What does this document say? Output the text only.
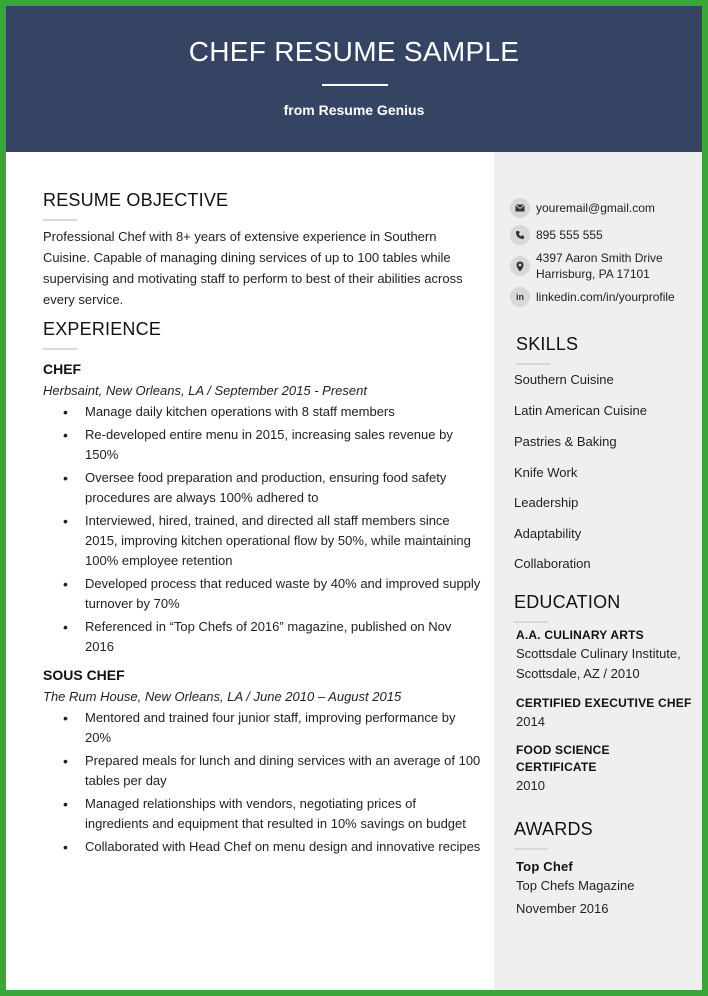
CHEF RESUME SAMPLE
from Resume Genius
RESUME OBJECTIVE
Professional Chef with 8+ years of extensive experience in Southern Cuisine. Capable of managing dining services of up to 100 tables while supervising and motivating staff to perform to best of their abilities across every service.
EXPERIENCE
CHEF
Herbsaint, New Orleans, LA / September 2015 - Present
• Manage daily kitchen operations with 8 staff members
• Re-developed entire menu in 2015, increasing sales revenue by 150%
• Oversee food preparation and production, ensuring food safety procedures are always 100% adhered to
• Interviewed, hired, trained, and directed all staff members since 2015, improving kitchen operational flow by 50%, while maintaining 100% employee retention
• Developed process that reduced waste by 40% and improved supply turnover by 70%
• Referenced in “Top Chefs of 2016” magazine, published on Nov 2016
SOUS CHEF
The Rum House, New Orleans, LA / June 2010 – August 2015
• Mentored and trained four junior staff, improving performance by 20%
• Prepared meals for lunch and dining services with an average of 100 tables per day
• Managed relationships with vendors, negotiating prices of ingredients and equipment that resulted in 10% savings on budget
• Collaborated with Head Chef on menu design and innovative recipes
youremail@gmail.com
895 555 555
4397 Aaron Smith Drive
Harrisburg, PA 17101
in	linkedin.com/in/yourprofile
SKILLS
Southern Cuisine
Latin American Cuisine
Pastries & Baking
Knife Work
Leadership
Adaptability
Collaboration
EDUCATION
A.A. CULINARY ARTS
Scottsdale Culinary Institute,
Scottsdale, AZ / 2010
CERTIFIED EXECUTIVE CHEF
2014
FOOD SCIENCE
CERTIFICATE
2010
AWARDS
Top Chef
Top Chefs Magazine
November 2016
